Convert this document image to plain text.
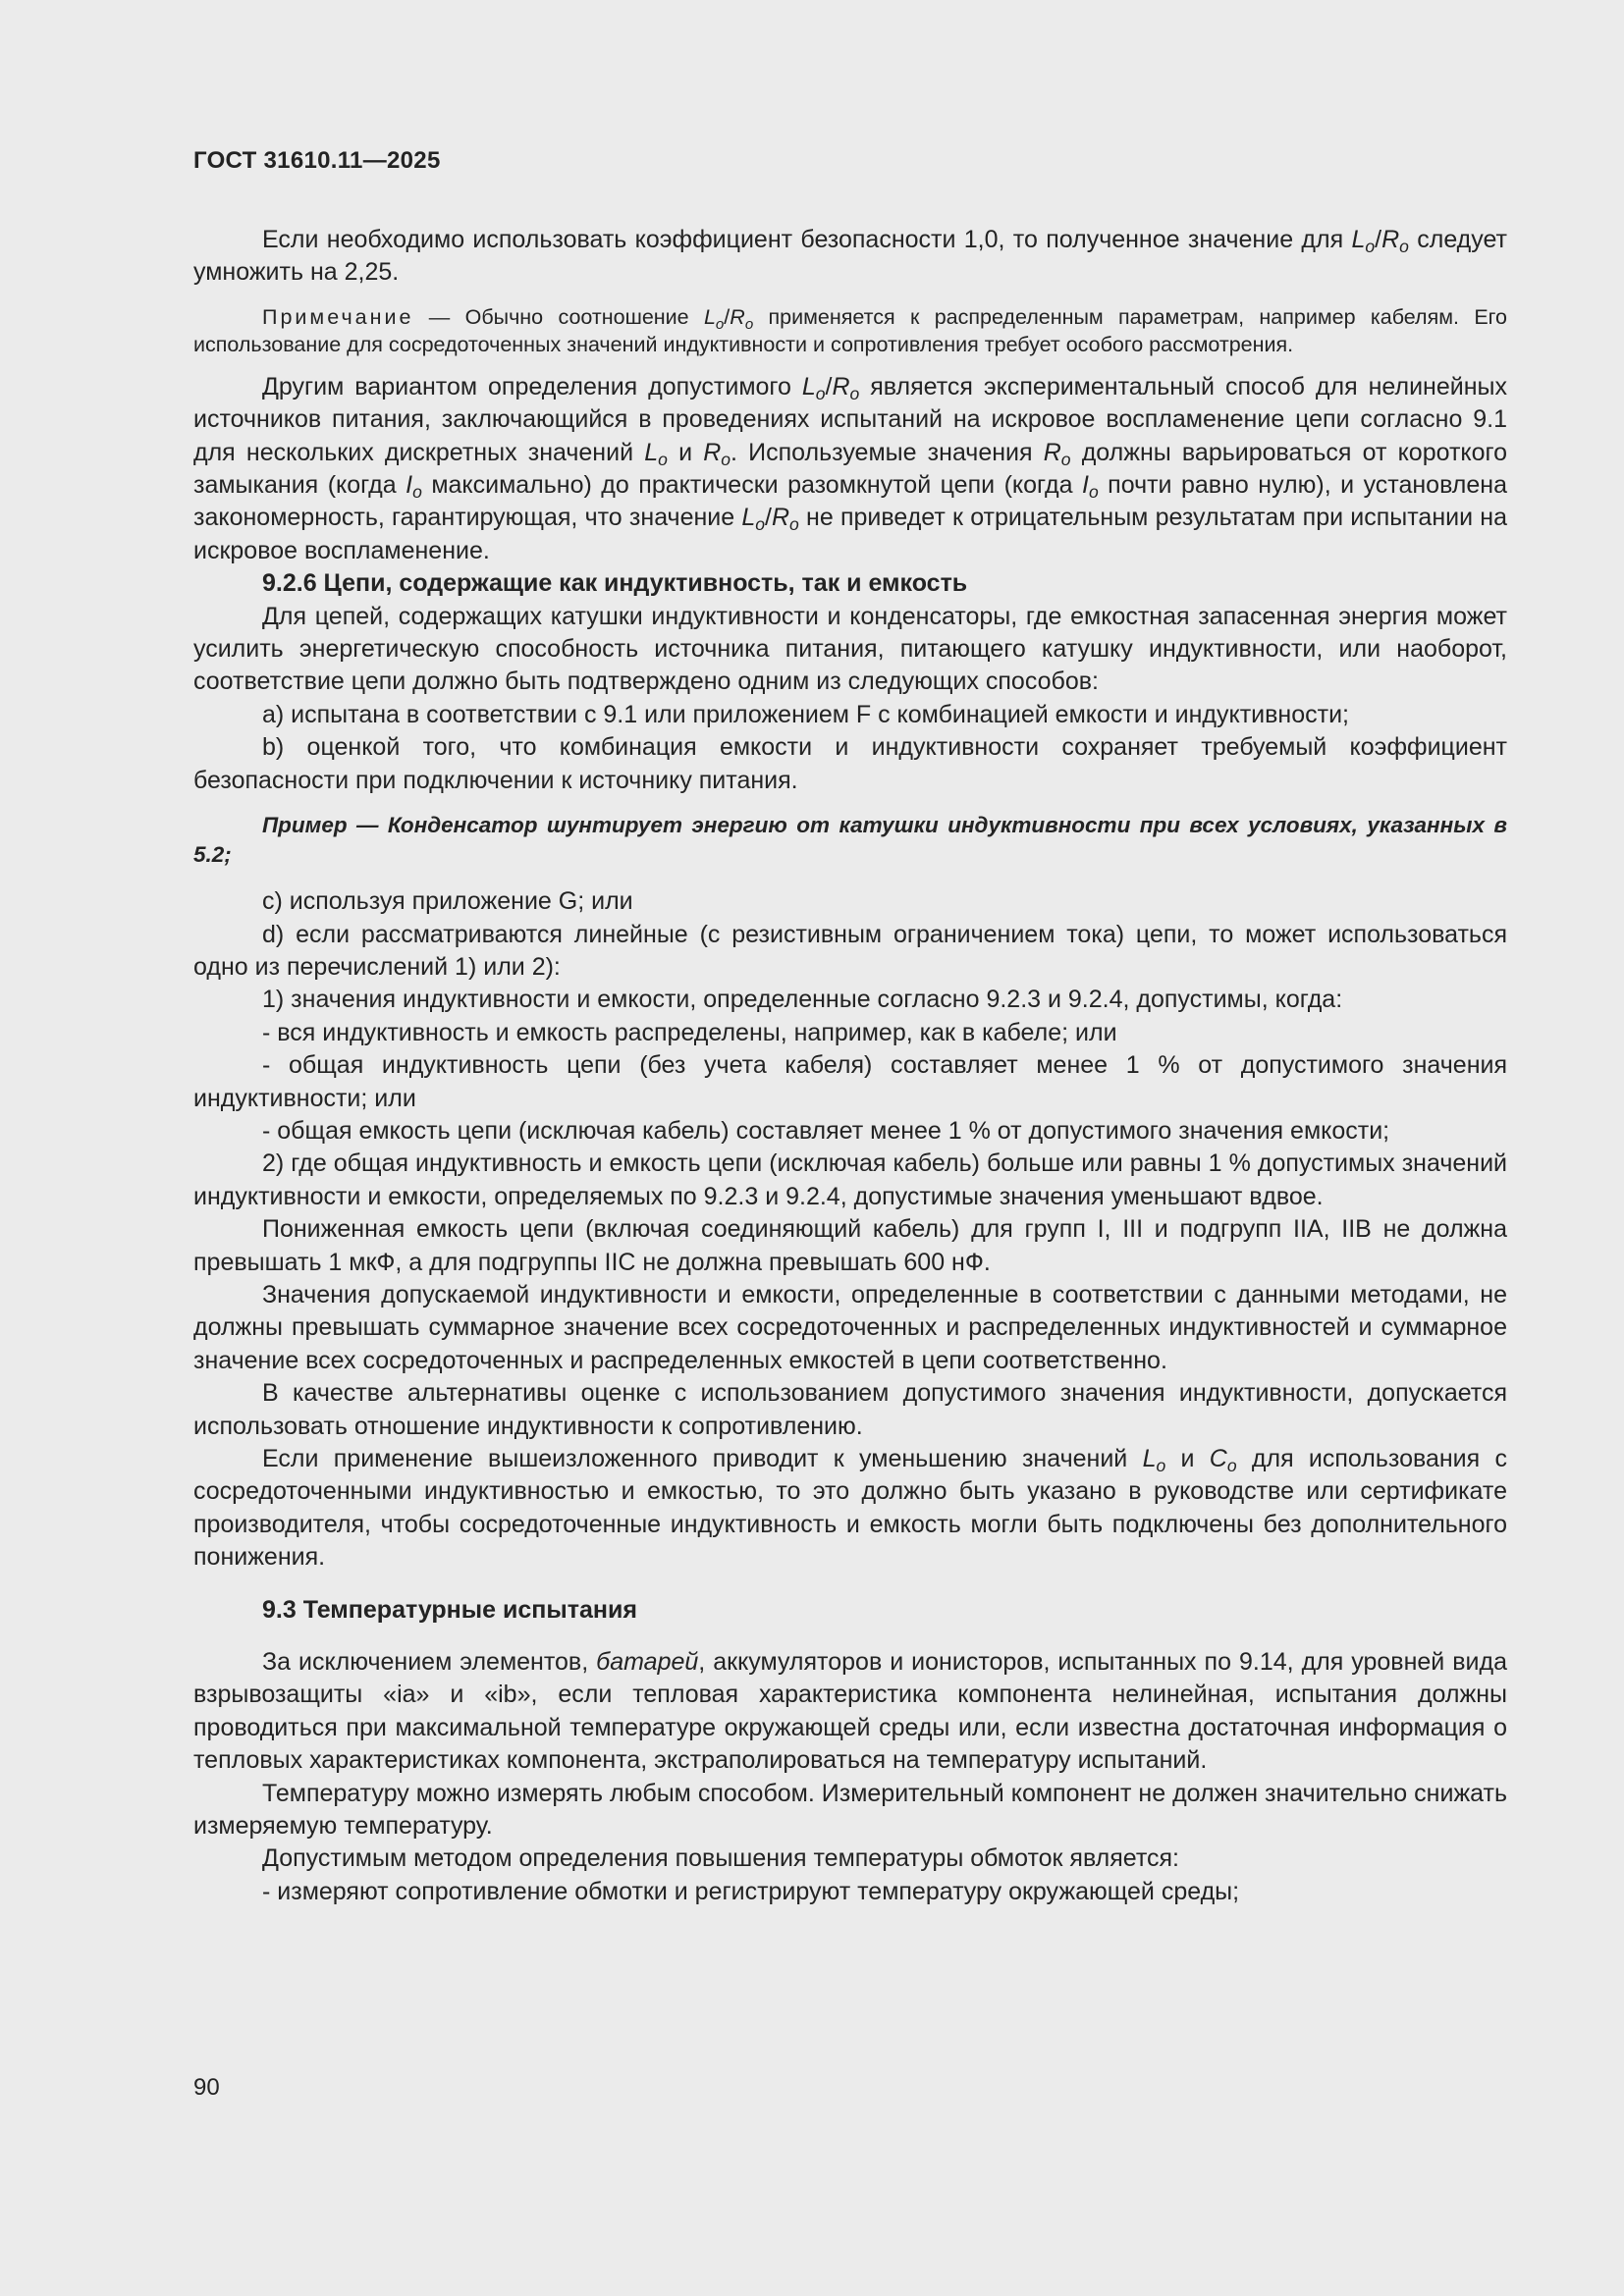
ГОСТ 31610.11—2025

Если необходимо использовать коэффициент безопасности 1,0, то полученное значение для $L_o/R_o$ следует умножить на 2,25.

Примечание — Обычно соотношение $L_o/R_o$ применяется к распределенным параметрам, например кабелям. Его использование для сосредоточенных значений индуктивности и сопротивления требует особого рассмотрения.

Другим вариантом определения допустимого $L_o/R_o$ является экспериментальный способ для нелинейных источников питания, заключающийся в проведениях испытаний на искровое воспламенение цепи согласно 9.1 для нескольких дискретных значений $L_o$ и $R_o$. Используемые значения $R_o$ должны варьироваться от короткого замыкания (когда $I_o$ максимально) до практически разомкнутой цепи (когда $I_o$ почти равно нулю), и установлена закономерность, гарантирующая, что значение $L_o/R_o$ не приведет к отрицательным результатам при испытании на искровое воспламенение.

9.2.6 Цепи, содержащие как индуктивность, так и емкость

Для цепей, содержащих катушки индуктивности и конденсаторы, где емкостная запасенная энергия может усилить энергетическую способность источника питания, питающего катушку индуктивности, или наоборот, соответствие цепи должно быть подтверждено одним из следующих способов:

a) испытана в соответствии с 9.1 или приложением F с комбинацией емкости и индуктивности;

b) оценкой того, что комбинация емкости и индуктивности сохраняет требуемый коэффициент безопасности при подключении к источнику питания.

Пример — Конденсатор шунтирует энергию от катушки индуктивности при всех условиях, указанных в 5.2;

c) используя приложение G; или

d) если рассматриваются линейные (с резистивным ограничением тока) цепи, то может использоваться одно из перечислений 1) или 2):

1) значения индуктивности и емкости, определенные согласно 9.2.3 и 9.2.4, допустимы, когда:

- вся индуктивность и емкость распределены, например, как в кабеле; или

- общая индуктивность цепи (без учета кабеля) составляет менее 1 % от допустимого значения индуктивности; или

- общая емкость цепи (исключая кабель) составляет менее 1 % от допустимого значения емкости;

2) где общая индуктивность и емкость цепи (исключая кабель) больше или равны 1 % допустимых значений индуктивности и емкости, определяемых по 9.2.3 и 9.2.4, допустимые значения уменьшают вдвое.

Пониженная емкость цепи (включая соединяющий кабель) для групп I, III и подгрупп IIA, IIB не должна превышать 1 мкФ, а для подгруппы IIC не должна превышать 600 нФ.

Значения допускаемой индуктивности и емкости, определенные в соответствии с данными методами, не должны превышать суммарное значение всех сосредоточенных и распределенных индуктивностей и суммарное значение всех сосредоточенных и распределенных емкостей в цепи соответственно.

В качестве альтернативы оценке с использованием допустимого значения индуктивности, допускается использовать отношение индуктивности к сопротивлению.

Если применение вышеизложенного приводит к уменьшению значений $L_o$ и $C_o$ для использования с сосредоточенными индуктивностью и емкостью, то это должно быть указано в руководстве или сертификате производителя, чтобы сосредоточенные индуктивность и емкость могли быть подключены без дополнительного понижения.

9.3 Температурные испытания

За исключением элементов, батарей, аккумуляторов и ионисторов, испытанных по 9.14, для уровней вида взрывозащиты «ia» и «ib», если тепловая характеристика компонента нелинейная, испытания должны проводиться при максимальной температуре окружающей среды или, если известна достаточная информация о тепловых характеристиках компонента, экстраполироваться на температуру испытаний.

Температуру можно измерять любым способом. Измерительный компонент не должен значительно снижать измеряемую температуру.

Допустимым методом определения повышения температуры обмоток является:

- измеряют сопротивление обмотки и регистрируют температуру окружающей среды;

90
